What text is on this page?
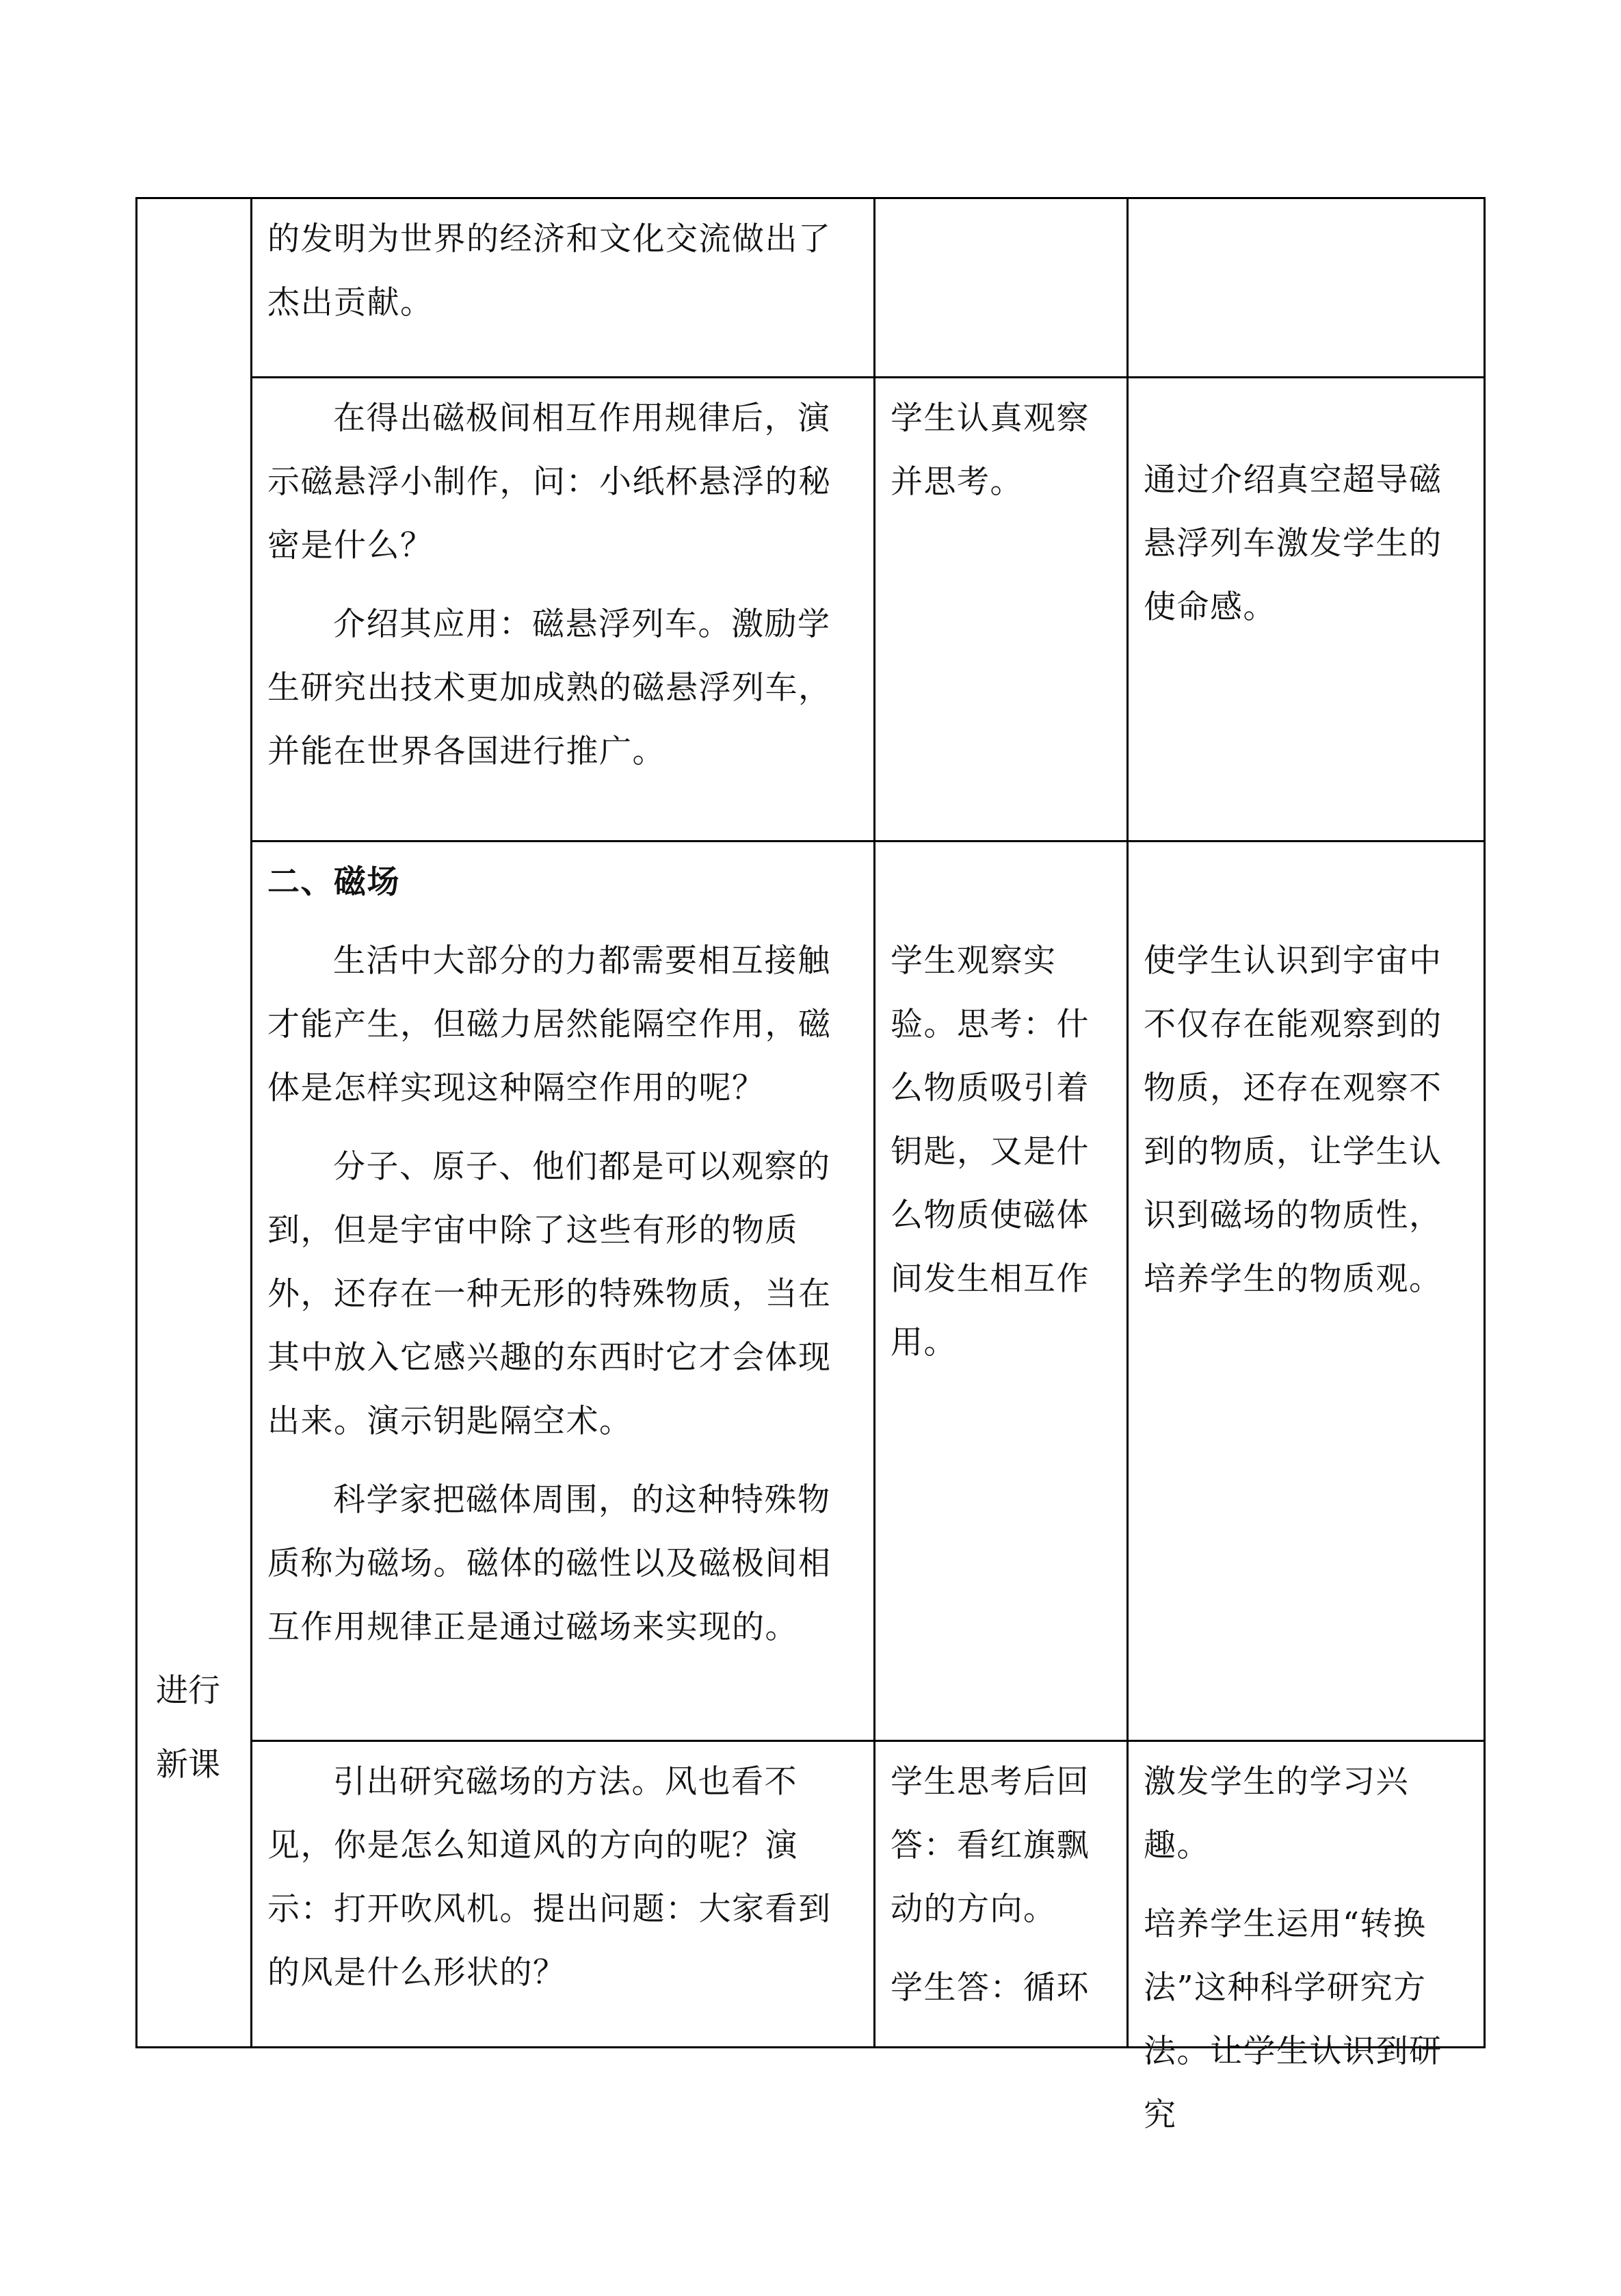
进行
新课

的发明为世界的经济和文化交流做出了杰出贡献。

在得出磁极间相互作用规律后，演示磁悬浮小制作，问：小纸杯悬浮的秘密是什么？

介绍其应用：磁悬浮列车。激励学生研究出技术更加成熟的磁悬浮列车，并能在世界各国进行推广。

学生认真观察并思考。	通过介绍真空超导磁悬浮列车激发学生的使命感。

二、磁场

生活中大部分的力都需要相互接触才能产生，但磁力居然能隔空作用，磁体是怎样实现这种隔空作用的呢？

分子、原子、他们都是可以观察的到，但是宇宙中除了这些有形的物质外，还存在一种无形的特殊物质，当在其中放入它感兴趣的东西时它才会体现出来。演示钥匙隔空术。

科学家把磁体周围，的这种特殊物质称为磁场。磁体的磁性以及磁极间相互作用规律正是通过磁场来实现的。

学生观察实验。思考：什么物质吸引着钥匙，又是什么物质使磁体间发生相互作用。

使学生认识到宇宙中不仅存在能观察到的物质，还存在观察不到的物质，让学生认识到磁场的物质性，培养学生的物质观。

引出研究磁场的方法。风也看不见，你是怎么知道风的方向的呢？演示：打开吹风机。提出问题：大家看到的风是什么形状的？

学生思考后回答：看红旗飘动的方向。

学生答：循环

激发学生的学习兴趣。

培养学生运用“转换法”这种科学研究方法。让学生认识到研究
